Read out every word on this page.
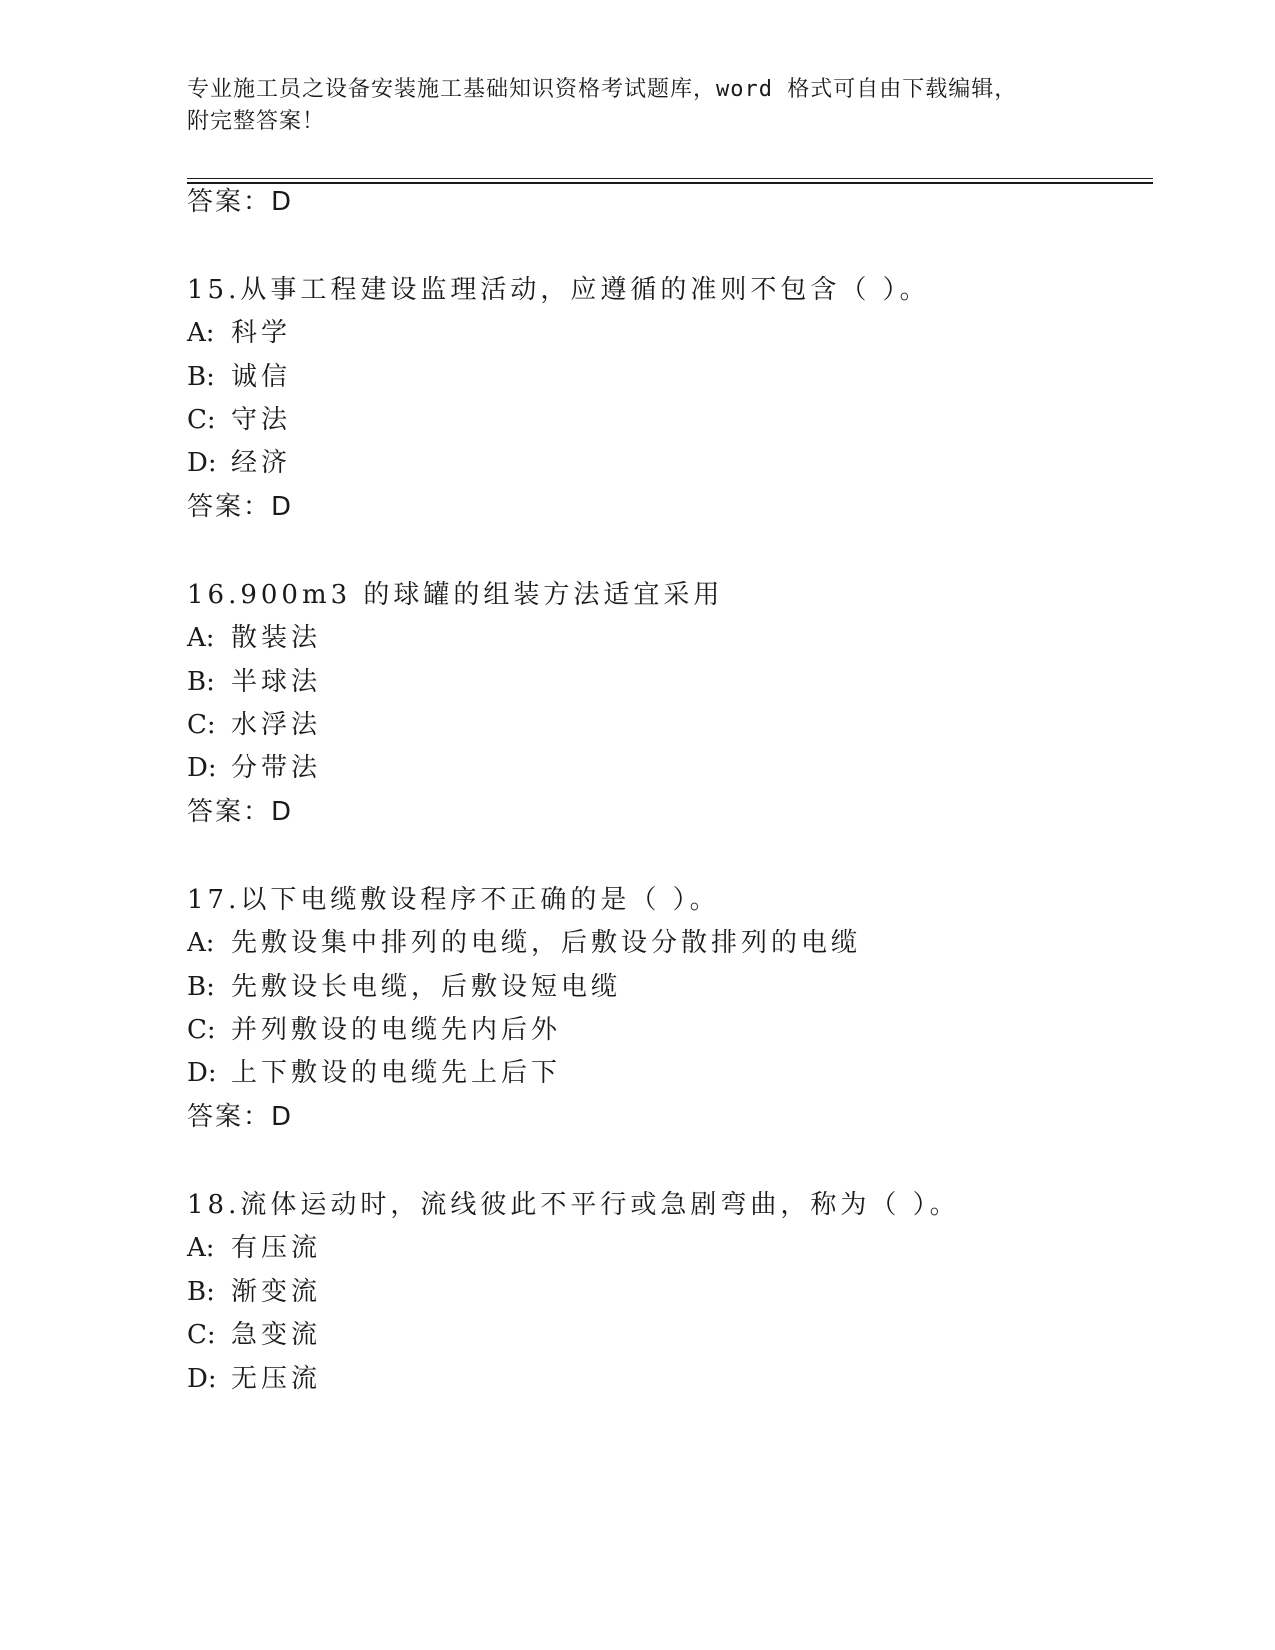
专业施工员之设备安装施工基础知识资格考试题库，word 格式可自由下载编辑，
附完整答案！
答案：D
15.从事工程建设监理活动，应遵循的准则不包含（ ）。
A: 科学
B: 诚信
C: 守法
D: 经济
答案：D
16.900m3 的球罐的组装方法适宜采用
A: 散装法
B: 半球法
C: 水浮法
D: 分带法
答案：D
17.以下电缆敷设程序不正确的是（ ）。
A: 先敷设集中排列的电缆，后敷设分散排列的电缆
B: 先敷设长电缆，后敷设短电缆
C: 并列敷设的电缆先内后外
D: 上下敷设的电缆先上后下
答案：D
18.流体运动时，流线彼此不平行或急剧弯曲，称为（ ）。
A: 有压流
B: 渐变流
C: 急变流
D: 无压流
